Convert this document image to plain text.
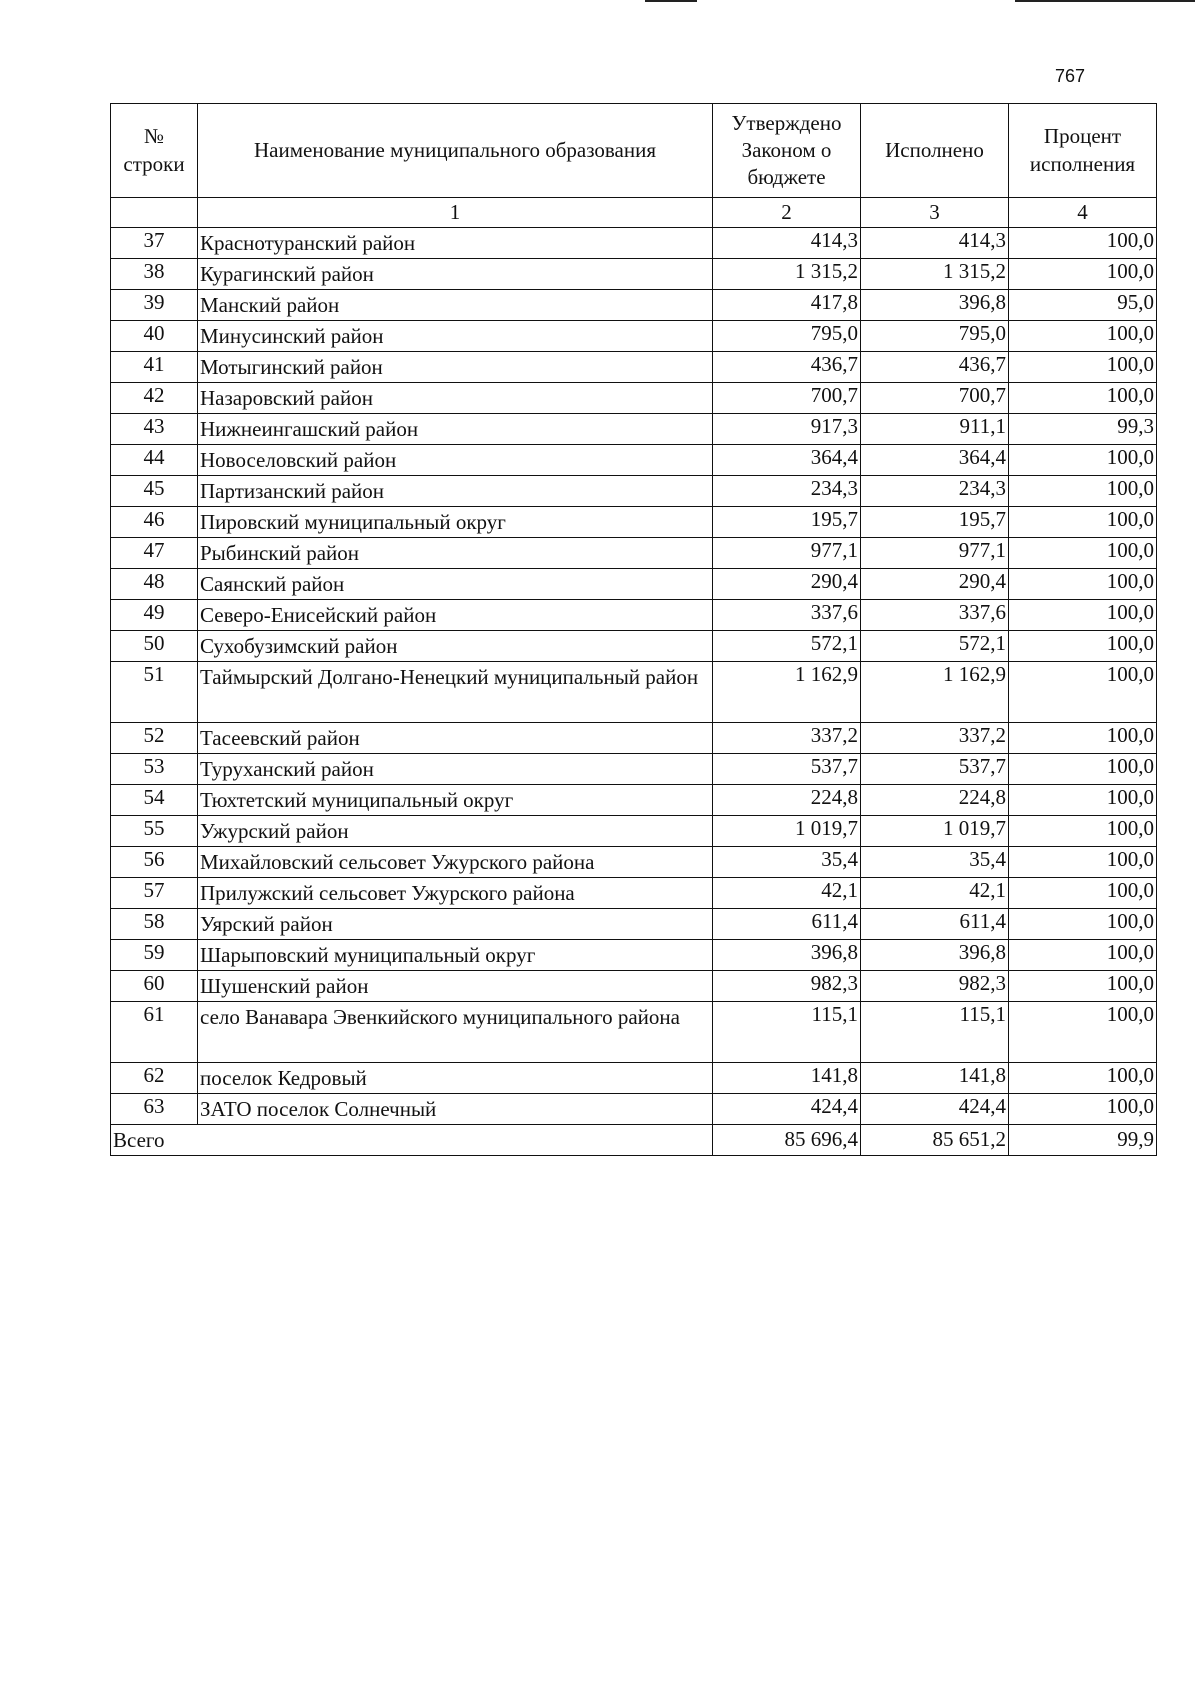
767
№ строки	Наименование муниципального образования	Утверждено Законом о бюджете	Исполнено	Процент исполнения
	1	2	3	4
37	Краснотуранский район	414,3	414,3	100,0
38	Курагинский район	1 315,2	1 315,2	100,0
39	Манский район	417,8	396,8	95,0
40	Минусинский район	795,0	795,0	100,0
41	Мотыгинский район	436,7	436,7	100,0
42	Назаровский район	700,7	700,7	100,0
43	Нижнеингашский район	917,3	911,1	99,3
44	Новоселовский район	364,4	364,4	100,0
45	Партизанский район	234,3	234,3	100,0
46	Пировский муниципальный округ	195,7	195,7	100,0
47	Рыбинский район	977,1	977,1	100,0
48	Саянский район	290,4	290,4	100,0
49	Северо-Енисейский район	337,6	337,6	100,0
50	Сухобузимский район	572,1	572,1	100,0
51	Таймырский Долгано-Ненецкий муниципальный район	1 162,9	1 162,9	100,0
52	Тасеевский район	337,2	337,2	100,0
53	Туруханский район	537,7	537,7	100,0
54	Тюхтетский муниципальный округ	224,8	224,8	100,0
55	Ужурский район	1 019,7	1 019,7	100,0
56	Михайловский сельсовет Ужурского района	35,4	35,4	100,0
57	Прилужский сельсовет Ужурского района	42,1	42,1	100,0
58	Уярский район	611,4	611,4	100,0
59	Шарыповский муниципальный округ	396,8	396,8	100,0
60	Шушенский район	982,3	982,3	100,0
61	село Ванавара Эвенкийского муниципального района	115,1	115,1	100,0
62	поселок Кедровый	141,8	141,8	100,0
63	ЗАТО поселок Солнечный	424,4	424,4	100,0
Всего		85 696,4	85 651,2	99,9
